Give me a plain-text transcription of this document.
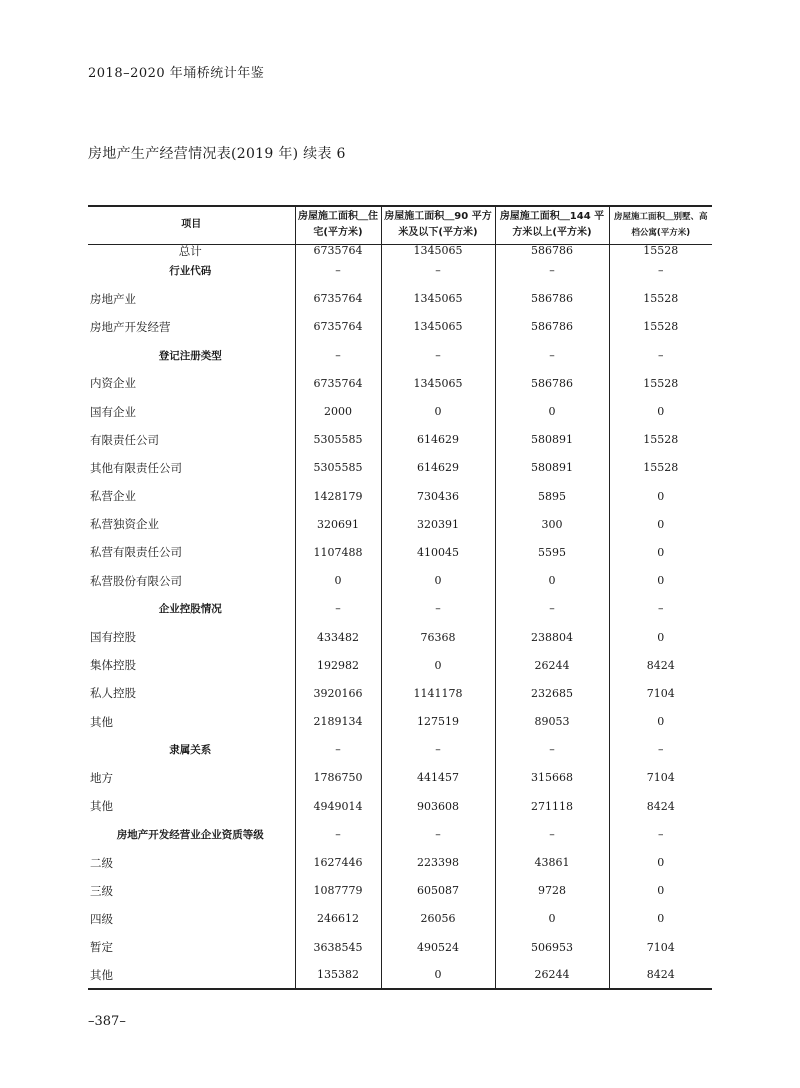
2018–2020 年埇桥统计年鉴
房地产生产经营情况表(2019 年) 续表 6
项目	房屋施工面积＿住宅(平方米)	房屋施工面积＿90 平方米及以下(平方米)	房屋施工面积＿144 平方米以上(平方米)	房屋施工面积＿别墅、高档公寓(平方米)
总计	6735764	1345065	586786	15528
行业代码	–	–	–	–
房地产业	6735764	1345065	586786	15528
房地产开发经营	6735764	1345065	586786	15528
登记注册类型	–	–	–	–
内资企业	6735764	1345065	586786	15528
国有企业	2000	0	0	0
有限责任公司	5305585	614629	580891	15528
其他有限责任公司	5305585	614629	580891	15528
私营企业	1428179	730436	5895	0
私营独资企业	320691	320391	300	0
私营有限责任公司	1107488	410045	5595	0
私营股份有限公司	0	0	0	0
企业控股情况	–	–	–	–
国有控股	433482	76368	238804	0
集体控股	192982	0	26244	8424
私人控股	3920166	1141178	232685	7104
其他	2189134	127519	89053	0
隶属关系	–	–	–	–
地方	1786750	441457	315668	7104
其他	4949014	903608	271118	8424
房地产开发经营业企业资质等级	–	–	–	–
二级	1627446	223398	43861	0
三级	1087779	605087	9728	0
四级	246612	26056	0	0
暂定	3638545	490524	506953	7104
其他	135382	0	26244	8424
–387–
